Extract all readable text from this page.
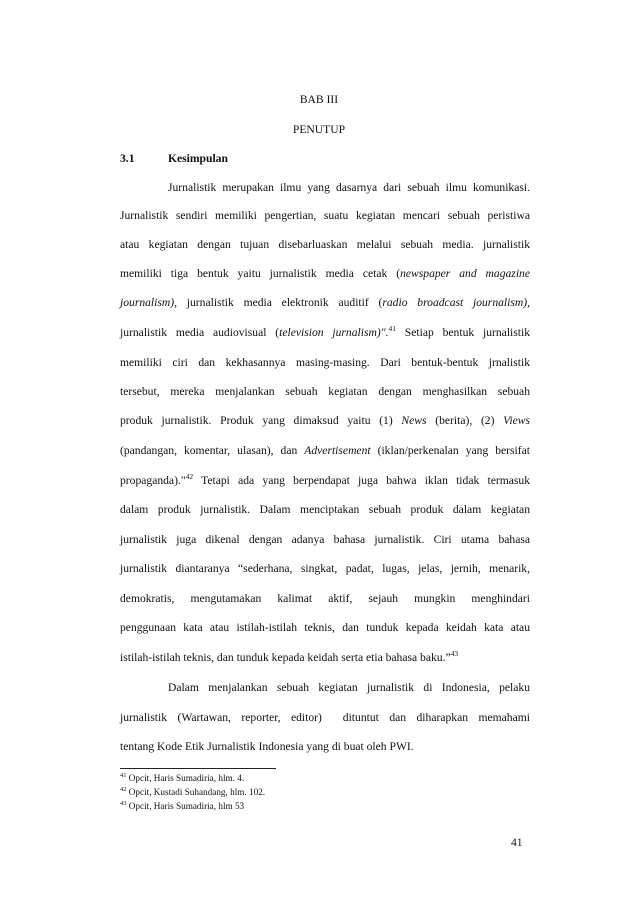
BAB III
PENUTUP
3.1	Kesimpulan
Jurnalistik merupakan ilmu yang dasarnya dari sebuah ilmu komunikasi.
Jurnalistik sendiri memiliki pengertian, suatu kegiatan mencari sebuah peristiwa
atau kegiatan dengan tujuan disebarluaskan melalui sebuah media. jurnalistik
memiliki tiga bentuk yaitu jurnalistik media cetak (newspaper and magazine
journalism), jurnalistik media elektronik auditif (radio broadcast journalism),
jurnalistik media audiovisual (television jurnalism)".$^{41}$ Setiap bentuk jurnalistik
memiliki ciri dan kekhasannya masing-masing. Dari bentuk-bentuk jrnalistik
tersebut, mereka menjalankan sebuah kegiatan dengan menghasilkan sebuah
produk jurnalistik. Produk yang dimaksud yaitu (1) News (berita), (2) Views
(pandangan, komentar, ulasan), dan Advertisement (iklan/perkenalan yang bersifat
propaganda)."$^{42}$ Tetapi ada yang berpendapat juga bahwa iklan tidak termasuk
dalam produk jurnalistik. Dalam menciptakan sebuah produk dalam kegiatan
jurnalistik juga dikenal dengan adanya bahasa jurnalistik. Ciri utama bahasa
jurnalistik diantaranya “sederhana, singkat, padat, lugas, jelas, jernih, menarik,
demokratis, mengutamakan kalimat aktif, sejauh mungkin menghindari
penggunaan kata atau istilah-istilah teknis, dan tunduk kepada keidah kata atau
istilah-istilah teknis, dan tunduk kepada keidah serta etia bahasa baku.”$^{43}$
Dalam menjalankan sebuah kegiatan jurnalistik di Indonesia, pelaku
jurnalistik (Wartawan, reporter, editor)  dituntut dan diharapkan memahami
tentang Kode Etik Jurnalistik Indonesia yang di buat oleh PWI.
$^{41}$ Opcit, Haris Sumadiria, hlm. 4.
$^{42}$ Opcit, Kustadi Suhandang, hlm. 102.
$^{43}$ Opcit, Haris Sumadiria, hlm 53
41
